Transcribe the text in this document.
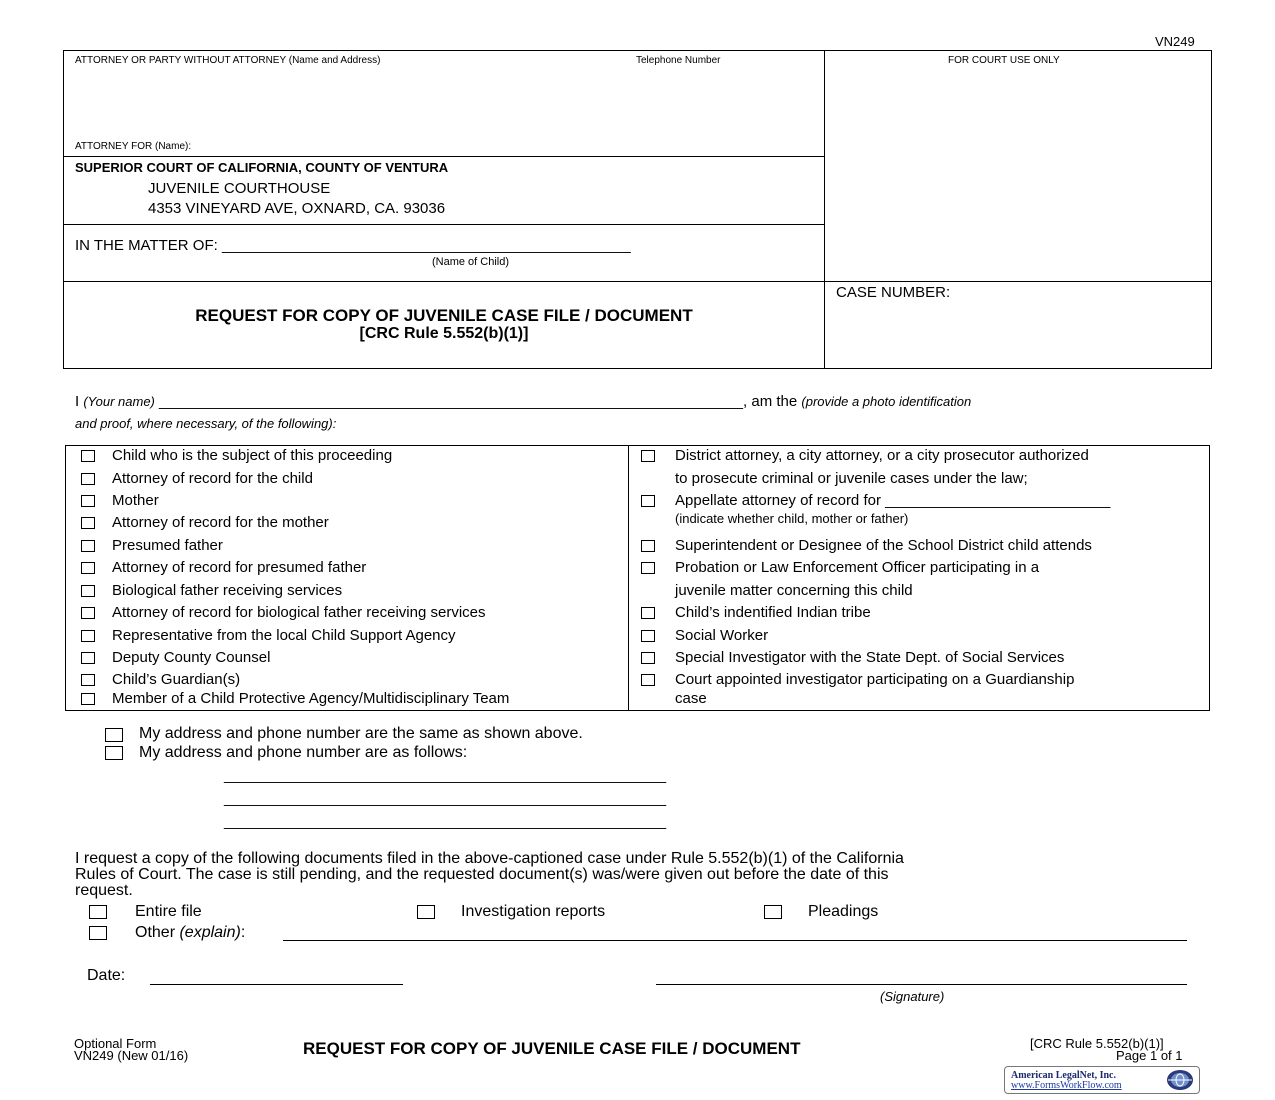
VN249
ATTORNEY OR PARTY WITHOUT ATTORNEY (Name and Address)	Telephone Number	FOR COURT USE ONLY
ATTORNEY FOR (Name):
SUPERIOR COURT OF CALIFORNIA, COUNTY OF VENTURA
JUVENILE COURTHOUSE
4353 VINEYARD AVE, OXNARD, CA. 93036
IN THE MATTER OF: _________________________________________________
(Name of Child)
REQUEST FOR COPY OF JUVENILE CASE FILE / DOCUMENT
[CRC Rule 5.552(b)(1)]
CASE NUMBER:
I (Your name) ______________________________________________________________________, am the (provide a photo identification
and proof, where necessary, of the following):
Child who is the subject of this proceeding
Attorney of record for the child
Mother
Attorney of record for the mother
Presumed father
Attorney of record for presumed father
Biological father receiving services
Attorney of record for biological father receiving services
Representative from the local Child Support Agency
Deputy County Counsel
Child’s Guardian(s)
Member of a Child Protective Agency/Multidisciplinary Team
District attorney, a city attorney, or a city prosecutor authorized
to prosecute criminal or juvenile cases under the law;
Appellate attorney of record for ___________________________
(indicate whether child, mother or father)
Superintendent or Designee of the School District child attends
Probation or Law Enforcement Officer participating in a
juvenile matter concerning this child
Child’s indentified Indian tribe
Social Worker
Special Investigator with the State Dept. of Social Services
Court appointed investigator participating on a Guardianship
case
My address and phone number are the same as shown above.
My address and phone number are as follows:
_____________________________________________________
_____________________________________________________
_____________________________________________________
I request a copy of the following documents filed in the above-captioned case under Rule 5.552(b)(1) of the California
Rules of Court. The case is still pending, and the requested document(s) was/were given out before the date of this
request.
Entire file	Investigation reports	Pleadings
Other (explain):
Date:
(Signature)
Optional Form
VN249 (New 01/16)	REQUEST FOR COPY OF JUVENILE CASE FILE / DOCUMENT	[CRC Rule 5.552(b)(1)]
Page 1 of 1
American LegalNet, Inc.
www.FormsWorkFlow.com
